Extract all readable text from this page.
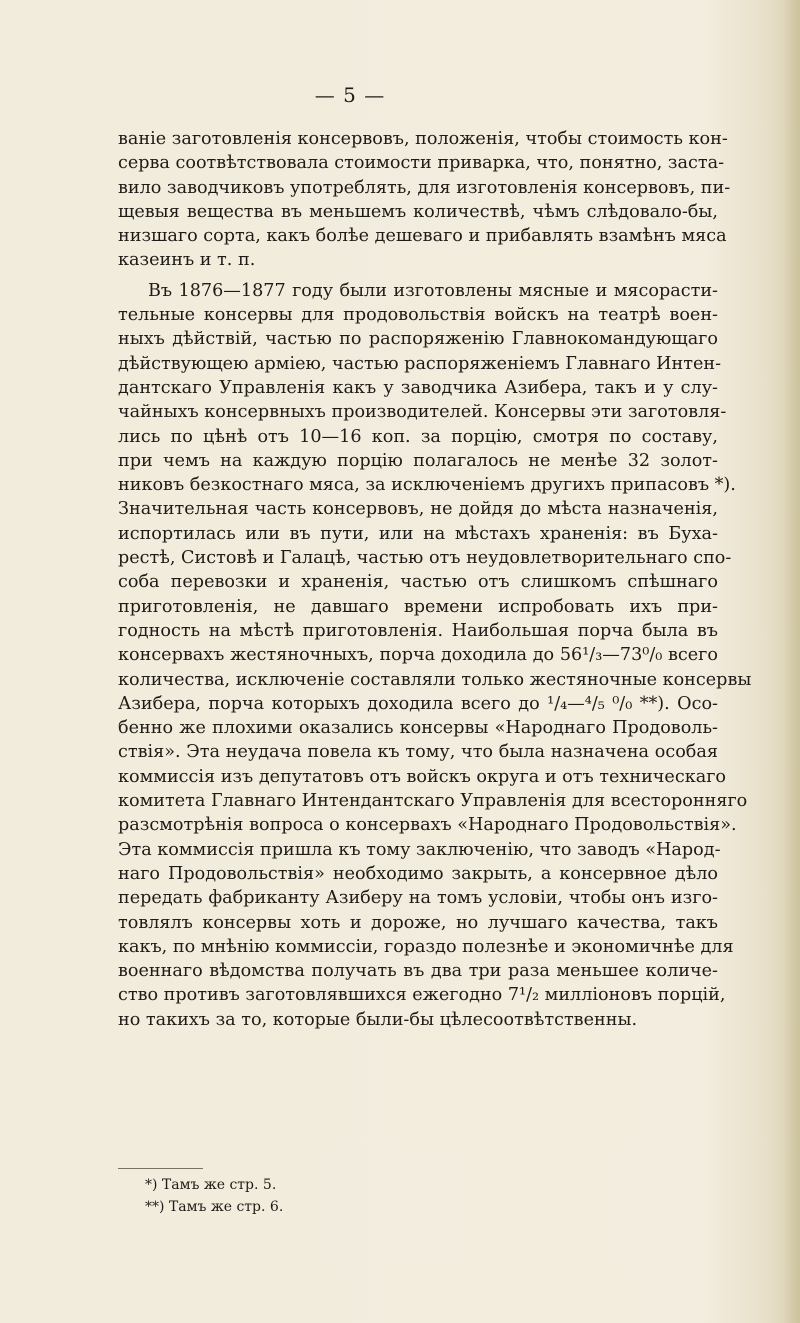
— 5 —
ваніе заготовленія консервовъ, положенія, чтобы стоимость кон-
серва соотвѣтствовала стоимости приварка, что, понятно, заста-
вило заводчиковъ употреблять, для изготовленія консервовъ, пи-
щевыя вещества въ меньшемъ количествѣ, чѣмъ слѣдовало-бы,
низшаго сорта, какъ болѣе дешеваго и прибавлять взамѣнъ мяса
казеинъ и т. п.
Въ 1876—1877 году были изготовлены мясные и мясорасти-
тельные консервы для продовольствія войскъ на театрѣ воен-
ныхъ дѣйствій, частью по распоряженію Главнокомандующаго
дѣйствующею арміею, частью распоряженіемъ Главнаго Интен-
дантскаго Управленія какъ у заводчика Азибера, такъ и у слу-
чайныхъ консервныхъ производителей. Консервы эти заготовля-
лись по цѣнѣ отъ 10—16 коп. за порцію, смотря по составу,
при чемъ на каждую порцію полагалось не менѣе 32 золот-
никовъ безкостнаго мяса, за исключеніемъ другихъ припасовъ *).
Значительная часть консервовъ, не дойдя до мѣста назначенія,
испортилась или въ пути, или на мѣстахъ храненія: въ Буха-
рестѣ, Систовѣ и Галацѣ, частью отъ неудовлетворительнаго спо-
соба перевозки и храненія, частью отъ слишкомъ спѣшнаго
приготовленія, не давшаго времени испробовать ихъ при-
годность на мѣстѣ приготовленія. Наибольшая порча была въ
консервахъ жестяночныхъ, порча доходила до 56¹/₃—73⁰/₀ всего
количества, исключеніе составляли только жестяночные консервы
Азибера, порча которыхъ доходила всего до ¹/₄—⁴/₅ ⁰/₀ **). Осо-
бенно же плохими оказались консервы «Народнаго Продоволь-
ствія». Эта неудача повела къ тому, что была назначена особая
коммиссія изъ депутатовъ отъ войскъ округа и отъ техническаго
комитета Главнаго Интендантскаго Управленія для всесторонняго
разсмотрѣнія вопроса о консервахъ «Народнаго Продовольствія».
Эта коммиссія пришла къ тому заключенію, что заводъ «Народ-
наго Продовольствія» необходимо закрыть, а консервное дѣло
передать фабриканту Азиберу на томъ условіи, чтобы онъ изго-
товлялъ консервы хоть и дороже, но лучшаго качества, такъ
какъ, по мнѣнію коммиссіи, гораздо полезнѣе и экономичнѣе для
военнаго вѣдомства получать въ два три раза меньшее количе-
ство противъ заготовлявшихся ежегодно 7¹/₂ милліоновъ порцій,
но такихъ за то, которые были-бы цѣлесоотвѣтственны.
*) Тамъ же стр. 5.
**) Тамъ же стр. 6.
